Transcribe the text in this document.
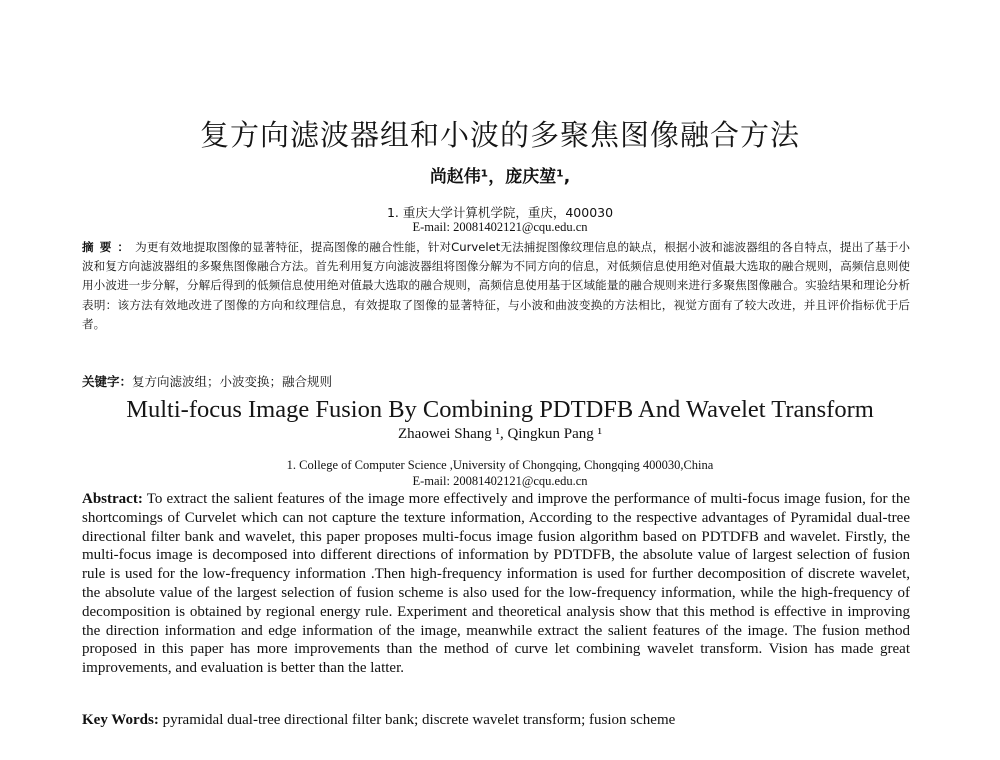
复方向滤波器组和小波的多聚焦图像融合方法
尚赵伟¹，庞庆堃¹,
1. 重庆大学计算机学院，重庆，400030
E-mail: 20081402121@cqu.edu.cn

摘要：为更有效地提取图像的显著特征，提高图像的融合性能，针对Curvelet无法捕捉图像纹理信息的缺点，根据小波和滤波器组的各自特点，提出了基于小波和复方向滤波器组的多聚焦图像融合方法。首先利用复方向滤波器组将图像分解为不同方向的信息，对低频信息使用绝对值最大选取的融合规则，高频信息则使用小波进一步分解，分解后得到的低频信息使用绝对值最大选取的融合规则，高频信息使用基于区域能量的融合规则来进行多聚焦图像融合。实验结果和理论分析表明：该方法有效地改进了图像的方向和纹理信息，有效提取了图像的显著特征，与小波和曲波变换的方法相比，视觉方面有了较大改进，并且评价指标优于后者。

关键字：复方向滤波组；小波变换；融合规则
Multi-focus Image Fusion By Combining PDTDFB And Wavelet Transform
Zhaowei Shang ¹, Qingkun Pang ¹
1. College of Computer Science ,University of Chongqing, Chongqing 400030,China
E-mail: 20081402121@cqu.edu.cn

Abstract: To extract the salient features of the image more effectively and improve the performance of multi-focus image fusion, for the shortcomings of Curvelet which can not capture the texture information, According to the respective advantages of Pyramidal dual-tree directional filter bank and wavelet, this paper proposes multi-focus image fusion algorithm based on PDTDFB and wavelet. Firstly, the multi-focus image is decomposed into different directions of information by PDTDFB, the absolute value of largest selection of fusion rule is used for the low-frequency information .Then high-frequency information is used for further decomposition of discrete wavelet, the absolute value of the largest selection of fusion scheme is also used for the low-frequency information, while the high-frequency of decomposition is obtained by regional energy rule. Experiment and theoretical analysis show that this method is effective in improving the direction information and edge information of the image, meanwhile extract the salient features of the image. The fusion method proposed in this paper has more improvements than the method of curve let combining wavelet transform. Vision has made great improvements, and evaluation is better than the latter.

Key Words: pyramidal dual-tree directional filter bank; discrete wavelet transform; fusion scheme
